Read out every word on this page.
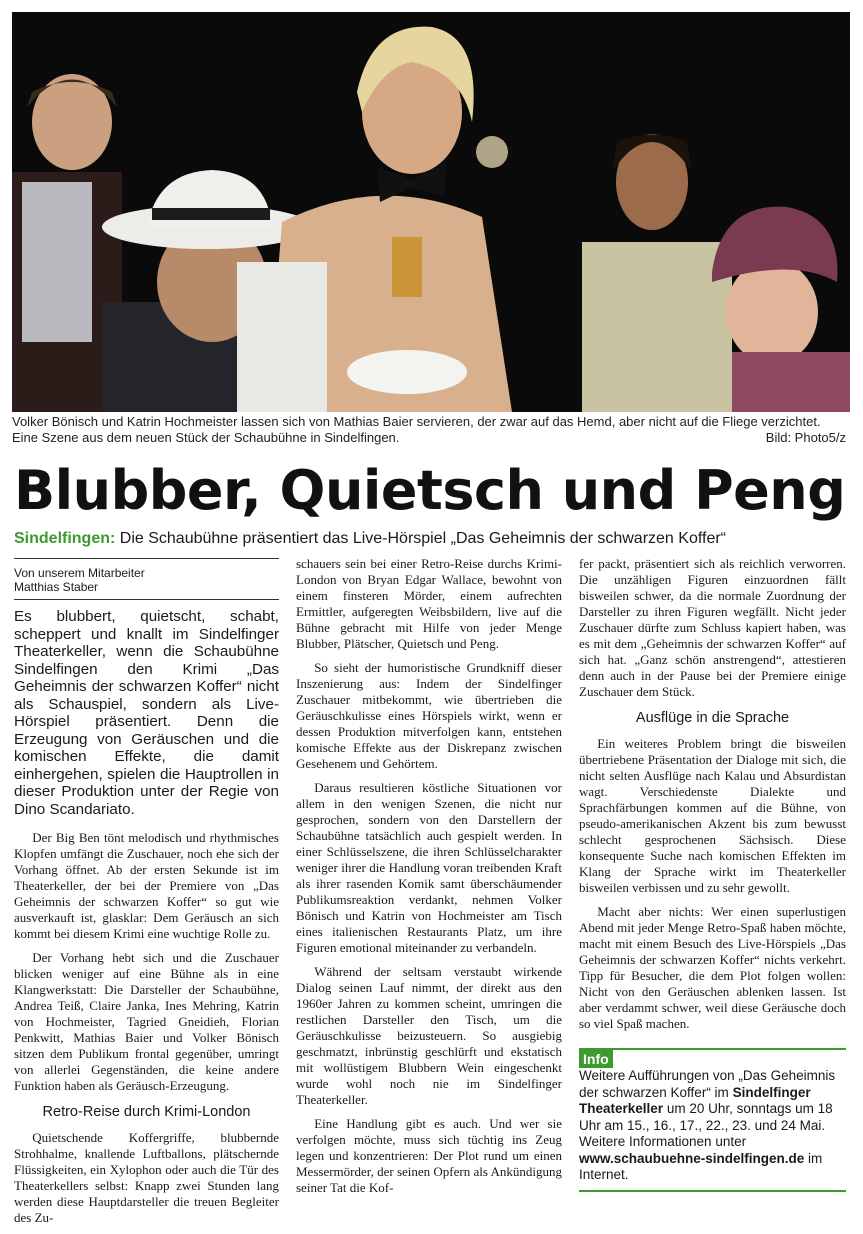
Volker Bönisch und Katrin Hochmeister lassen sich von Mathias Baier servieren, der zwar auf das Hemd, aber nicht auf die Fliege verzichtet. Eine Szene aus dem neuen Stück der Schaubühne in Sindelfingen.	Bild: Photo5/z
Blubber, Quietsch und Peng
Sindelfingen: Die Schaubühne präsentiert das Live-Hörspiel „Das Geheimnis der schwarzen Koffer“
Von unserem Mitarbeiter
Matthias Staber
Es blubbert, quietscht, schabt, scheppert und knallt im Sindelfinger Theaterkeller, wenn die Schaubühne Sindelfingen den Krimi „Das Geheimnis der schwarzen Koffer“ nicht als Schauspiel, sondern als Live-Hörspiel präsentiert. Denn die Erzeugung von Geräuschen und die komischen Effekte, die damit einhergehen, spielen die Hauptrollen in dieser Produktion unter der Regie von Dino Scandariato.

Der Big Ben tönt melodisch und rhythmisches Klopfen umfängt die Zuschauer, noch ehe sich der Vorhang öffnet. Ab der ersten Sekunde ist im Theaterkeller, der bei der Premiere von „Das Geheimnis der schwarzen Koffer“ so gut wie ausverkauft ist, glasklar: Dem Geräusch an sich kommt bei diesem Krimi eine wuchtige Rolle zu.

Der Vorhang hebt sich und die Zuschauer blicken weniger auf eine Bühne als in eine Klangwerkstatt: Die Darsteller der Schaubühne, Andrea Teiß, Claire Janka, Ines Mehring, Katrin von Hochmeister, Tagried Gneidieh, Florian Penkwitt, Mathias Baier und Volker Bönisch sitzen dem Publikum frontal gegenüber, umringt von allerlei Gegenständen, die keine andere Funktion haben als Geräusch-Erzeugung.

Retro-Reise durch Krimi-London

Quietschende Koffergriffe, blubbernde Strohhalme, knallende Luftballons, plätschernde Flüssigkeiten, ein Xylophon oder auch die Tür des Theaterkellers selbst: Knapp zwei Stunden lang werden diese Hauptdarsteller die treuen Begleiter des Zu-

schauers sein bei einer Retro-Reise durchs Krimi-London von Bryan Edgar Wallace, bewohnt von einem finsteren Mörder, einem aufrechten Ermittler, aufgeregten Weibsbildern, live auf die Bühne gebracht mit Hilfe von jeder Menge Blubber, Plätscher, Quietsch und Peng.

So sieht der humoristische Grundkniff dieser Inszenierung aus: Indem der Sindelfinger Zuschauer mitbekommt, wie übertrieben die Geräuschkulisse eines Hörspiels wirkt, wenn er dessen Produktion mitverfolgen kann, entstehen komische Effekte aus der Diskrepanz zwischen Gesehenem und Gehörtem.

Daraus resultieren köstliche Situationen vor allem in den wenigen Szenen, die nicht nur gesprochen, sondern von den Darstellern der Schaubühne tatsächlich auch gespielt werden. In einer Schlüsselszene, die ihren Schlüsselcharakter weniger ihrer die Handlung voran treibenden Kraft als ihrer rasenden Komik samt überschäumender Publikumsreaktion verdankt, nehmen Volker Bönisch und Katrin von Hochmeister am Tisch eines italienischen Restaurants Platz, um ihre Figuren emotional miteinander zu verbandeln.

Während der seltsam verstaubt wirkende Dialog seinen Lauf nimmt, der direkt aus den 1960er Jahren zu kommen scheint, umringen die restlichen Darsteller den Tisch, um die Geräuschkulisse beizusteuern. So ausgiebig geschmatzt, inbrünstig geschlürft und ekstatisch mit wollüstigem Blubbern Wein eingeschenkt wurde wohl noch nie im Sindelfinger Theaterkeller.

Eine Handlung gibt es auch. Und wer sie verfolgen möchte, muss sich tüchtig ins Zeug legen und konzentrieren: Der Plot rund um einen Messermörder, der seinen Opfern als Ankündigung seiner Tat die Kof-

fer packt, präsentiert sich als reichlich verworren. Die unzähligen Figuren einzuordnen fällt bisweilen schwer, da die normale Zuordnung der Darsteller zu ihren Figuren wegfällt. Nicht jeder Zuschauer dürfte zum Schluss kapiert haben, was es mit dem „Geheimnis der schwarzen Koffer“ auf sich hat. „Ganz schön anstrengend“, attestieren denn auch in der Pause bei der Premiere einige Zuschauer dem Stück.

Ausflüge in die Sprache

Ein weiteres Problem bringt die bisweilen übertriebene Präsentation der Dialoge mit sich, die nicht selten Ausflüge nach Kalau und Absurdistan wagt. Verschiedenste Dialekte und Sprachfärbungen kommen auf die Bühne, von pseudo-amerikanischen Akzent bis zum bewusst schlecht gesprochenen Sächsisch. Diese konsequente Suche nach komischen Effekten im Klang der Sprache wirkt im Theaterkeller bisweilen verbissen und zu sehr gewollt.

Macht aber nichts: Wer einen superlustigen Abend mit jeder Menge Retro-Spaß haben möchte, macht mit einem Besuch des Live-Hörspiels „Das Geheimnis der schwarzen Koffer“ nichts verkehrt. Tipp für Besucher, die dem Plot folgen wollen: Nicht von den Geräuschen ablenken lassen. Ist aber verdammt schwer, weil diese Geräusche doch so viel Spaß machen.

Info
Weitere Aufführungen von „Das Geheimnis der schwarzen Koffer“ im Sindelfinger Theaterkeller um 20 Uhr, sonntags um 18 Uhr am 15., 16., 17., 22., 23. und 24 Mai. Weitere Informationen unter www.schaubuehne-sindelfingen.de im Internet.
